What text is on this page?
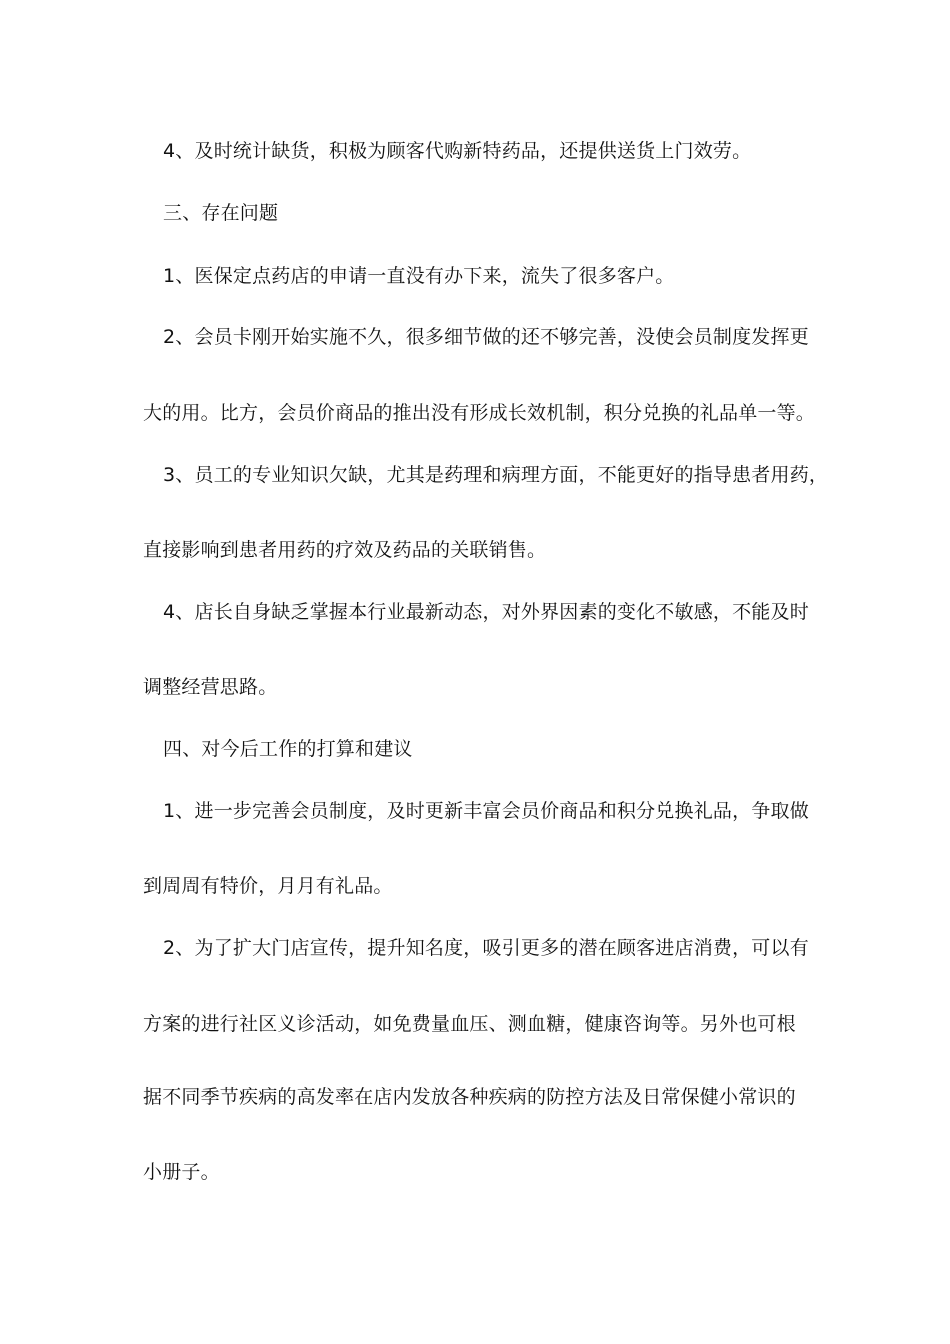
4、及时统计缺货，积极为顾客代购新特药品，还提供送货上门效劳。
三、存在问题
1、医保定点药店的申请一直没有办下来，流失了很多客户。
2、会员卡刚开始实施不久，很多细节做的还不够完善，没使会员制度发挥更
大的用。比方，会员价商品的推出没有形成长效机制，积分兑换的礼品单一等。
3、员工的专业知识欠缺，尤其是药理和病理方面，不能更好的指导患者用药，
直接影响到患者用药的疗效及药品的关联销售。
4、店长自身缺乏掌握本行业最新动态，对外界因素的变化不敏感，不能及时
调整经营思路。
四、对今后工作的打算和建议
1、进一步完善会员制度，及时更新丰富会员价商品和积分兑换礼品，争取做
到周周有特价，月月有礼品。
2、为了扩大门店宣传，提升知名度，吸引更多的潜在顾客进店消费，可以有
方案的进行社区义诊活动，如免费量血压、测血糖，健康咨询等。另外也可根
据不同季节疾病的高发率在店内发放各种疾病的防控方法及日常保健小常识的
小册子。
